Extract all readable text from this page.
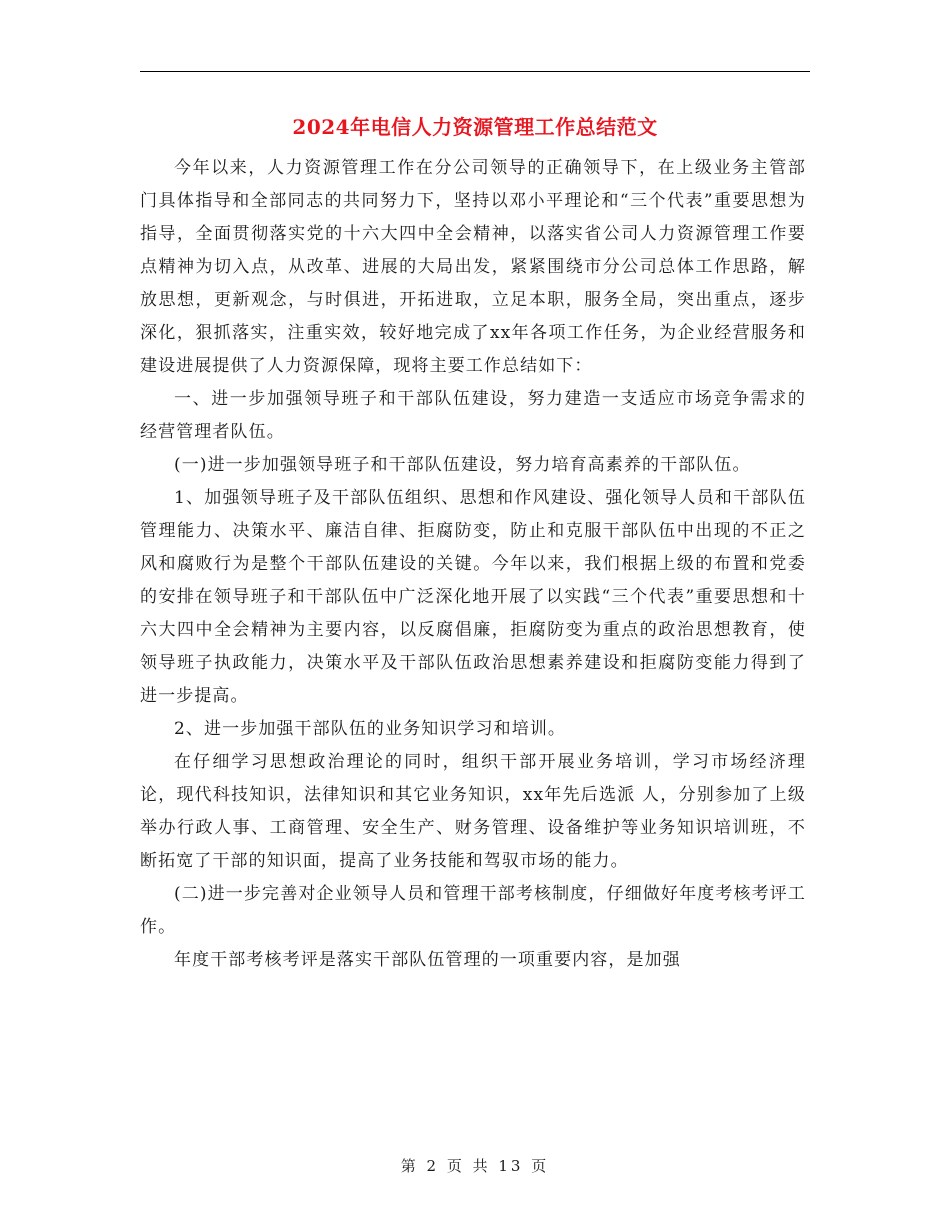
2024年电信人力资源管理工作总结范文

今年以来，人力资源管理工作在分公司领导的正确领导下，在上级业务主管部门具体指导和全部同志的共同努力下，坚持以邓小平理论和“三个代表”重要思想为指导，全面贯彻落实党的十六大四中全会精神，以落实省公司人力资源管理工作要点精神为切入点，从改革、进展的大局出发，紧紧围绕市分公司总体工作思路，解放思想，更新观念，与时俱进，开拓进取，立足本职，服务全局，突出重点，逐步深化，狠抓落实，注重实效，较好地完成了xx年各项工作任务，为企业经营服务和建设进展提供了人力资源保障，现将主要工作总结如下：

一、进一步加强领导班子和干部队伍建设，努力建造一支适应市场竞争需求的经营管理者队伍。

(一)进一步加强领导班子和干部队伍建设，努力培育高素养的干部队伍。

1、加强领导班子及干部队伍组织、思想和作风建设、强化领导人员和干部队伍管理能力、决策水平、廉洁自律、拒腐防变，防止和克服干部队伍中出现的不正之风和腐败行为是整个干部队伍建设的关键。今年以来，我们根据上级的布置和党委的安排在领导班子和干部队伍中广泛深化地开展了以实践“三个代表”重要思想和十六大四中全会精神为主要内容，以反腐倡廉，拒腐防变为重点的政治思想教育，使领导班子执政能力，决策水平及干部队伍政治思想素养建设和拒腐防变能力得到了进一步提高。

2、进一步加强干部队伍的业务知识学习和培训。

在仔细学习思想政治理论的同时，组织干部开展业务培训，学习市场经济理论，现代科技知识，法律知识和其它业务知识，xx年先后选派 人，分别参加了上级举办行政人事、工商管理、安全生产、财务管理、设备维护等业务知识培训班，不断拓宽了干部的知识面，提高了业务技能和驾驭市场的能力。

(二)进一步完善对企业领导人员和管理干部考核制度，仔细做好年度考核考评工作。

年度干部考核考评是落实干部队伍管理的一项重要内容，是加强

第 2 页 共 13 页
